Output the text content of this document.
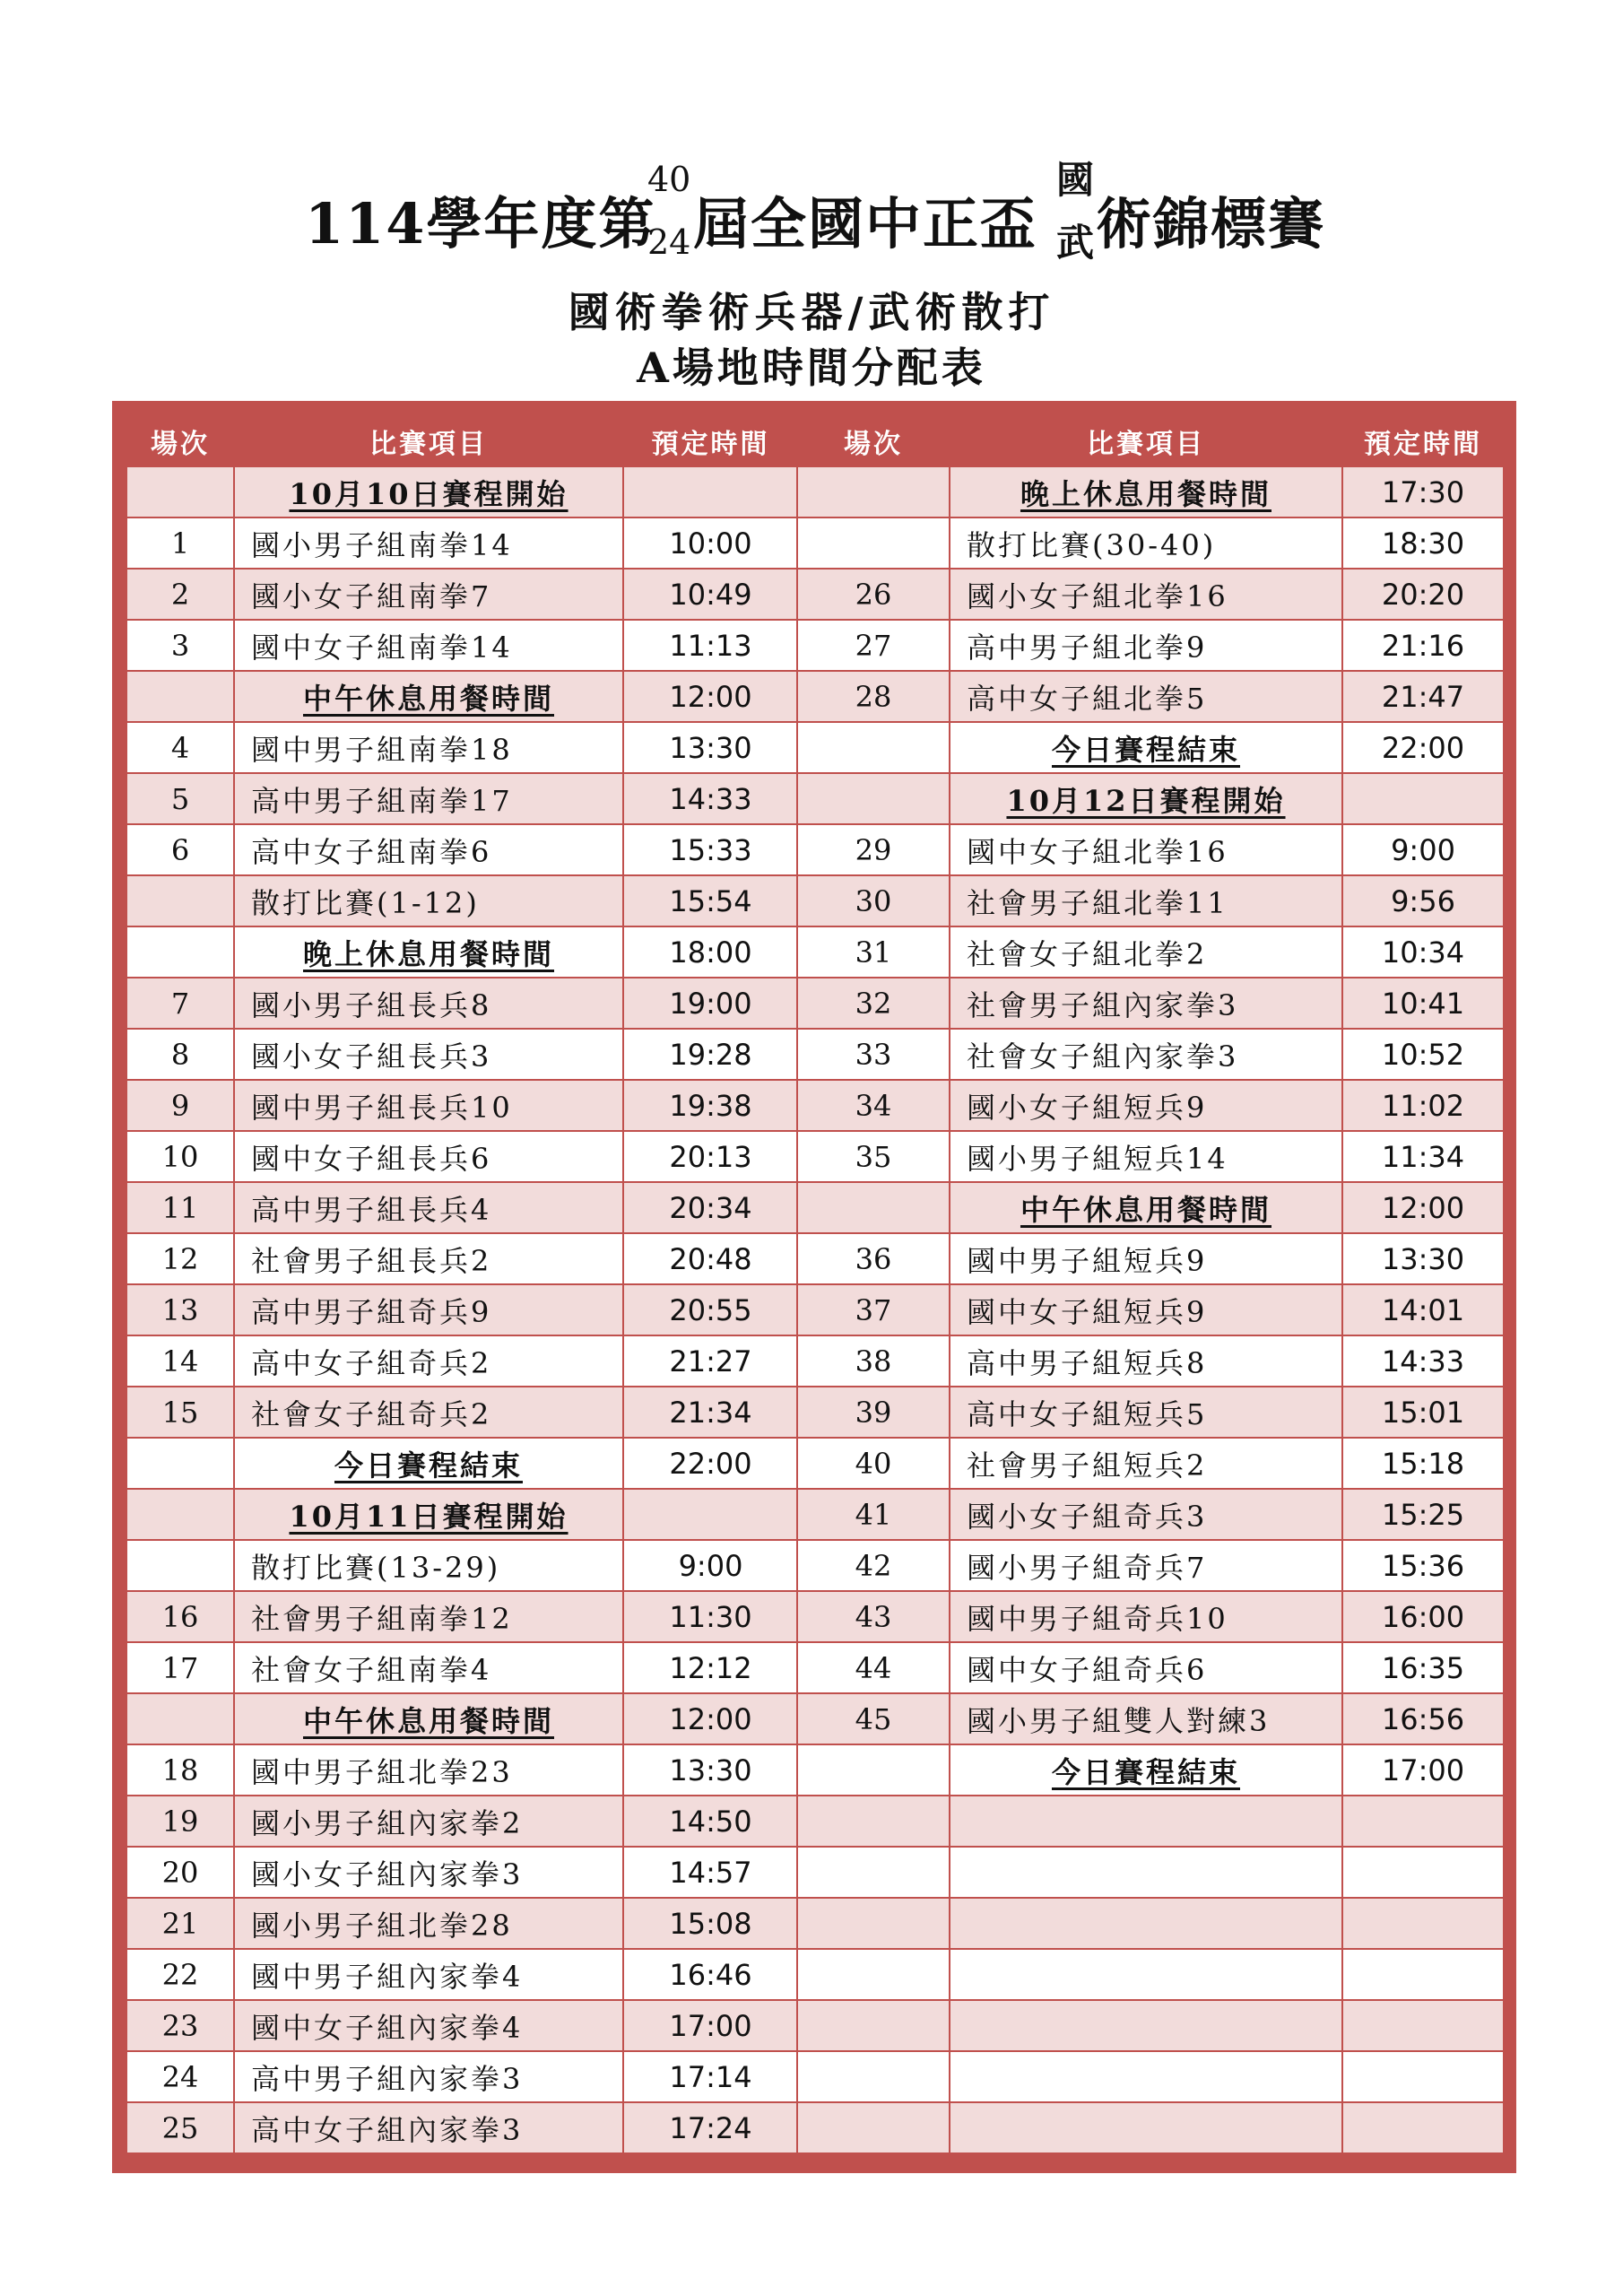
114學年度第
40
24 屆全國中正盃
國
武 術錦標賽
國術拳術兵器/武術散打
A場地時間分配表
場次	比賽項目	預定時間
	10月10日賽程開始	
1	國小男子組南拳14	10:00
2	國小女子組南拳7	10:49
3	國中女子組南拳14	11:13
	中午休息用餐時間	12:00
4	國中男子組南拳18	13:30
5	高中男子組南拳17	14:33
6	高中女子組南拳6	15:33
	散打比賽(1-12)	15:54
	晚上休息用餐時間	18:00
7	國小男子組長兵8	19:00
8	國小女子組長兵3	19:28
9	國中男子組長兵10	19:38
10	國中女子組長兵6	20:13
11	高中男子組長兵4	20:34
12	社會男子組長兵2	20:48
13	高中男子組奇兵9	20:55
14	高中女子組奇兵2	21:27
15	社會女子組奇兵2	21:34
	今日賽程結束	22:00
	10月11日賽程開始	
	散打比賽(13-29)	9:00
16	社會男子組南拳12	11:30
17	社會女子組南拳4	12:12
	中午休息用餐時間	12:00
18	國中男子組北拳23	13:30
19	國小男子組內家拳2	14:50
20	國小女子組內家拳3	14:57
21	國小男子組北拳28	15:08
22	國中男子組內家拳4	16:46
23	國中女子組內家拳4	17:00
24	高中男子組內家拳3	17:14
25	高中女子組內家拳3	17:24
場次	比賽項目	預定時間
	晚上休息用餐時間	17:30
	散打比賽(30-40)	18:30
26	國小女子組北拳16	20:20
27	高中男子組北拳9	21:16
28	高中女子組北拳5	21:47
	今日賽程結束	22:00
	10月12日賽程開始	
29	國中女子組北拳16	9:00
30	社會男子組北拳11	9:56
31	社會女子組北拳2	10:34
32	社會男子組內家拳3	10:41
33	社會女子組內家拳3	10:52
34	國小女子組短兵9	11:02
35	國小男子組短兵14	11:34
	中午休息用餐時間	12:00
36	國中男子組短兵9	13:30
37	國中女子組短兵9	14:01
38	高中男子組短兵8	14:33
39	高中女子組短兵5	15:01
40	社會男子組短兵2	15:18
41	國小女子組奇兵3	15:25
42	國小男子組奇兵7	15:36
43	國中男子組奇兵10	16:00
44	國中女子組奇兵6	16:35
45	國小男子組雙人對練3	16:56
	今日賽程結束	17:00
